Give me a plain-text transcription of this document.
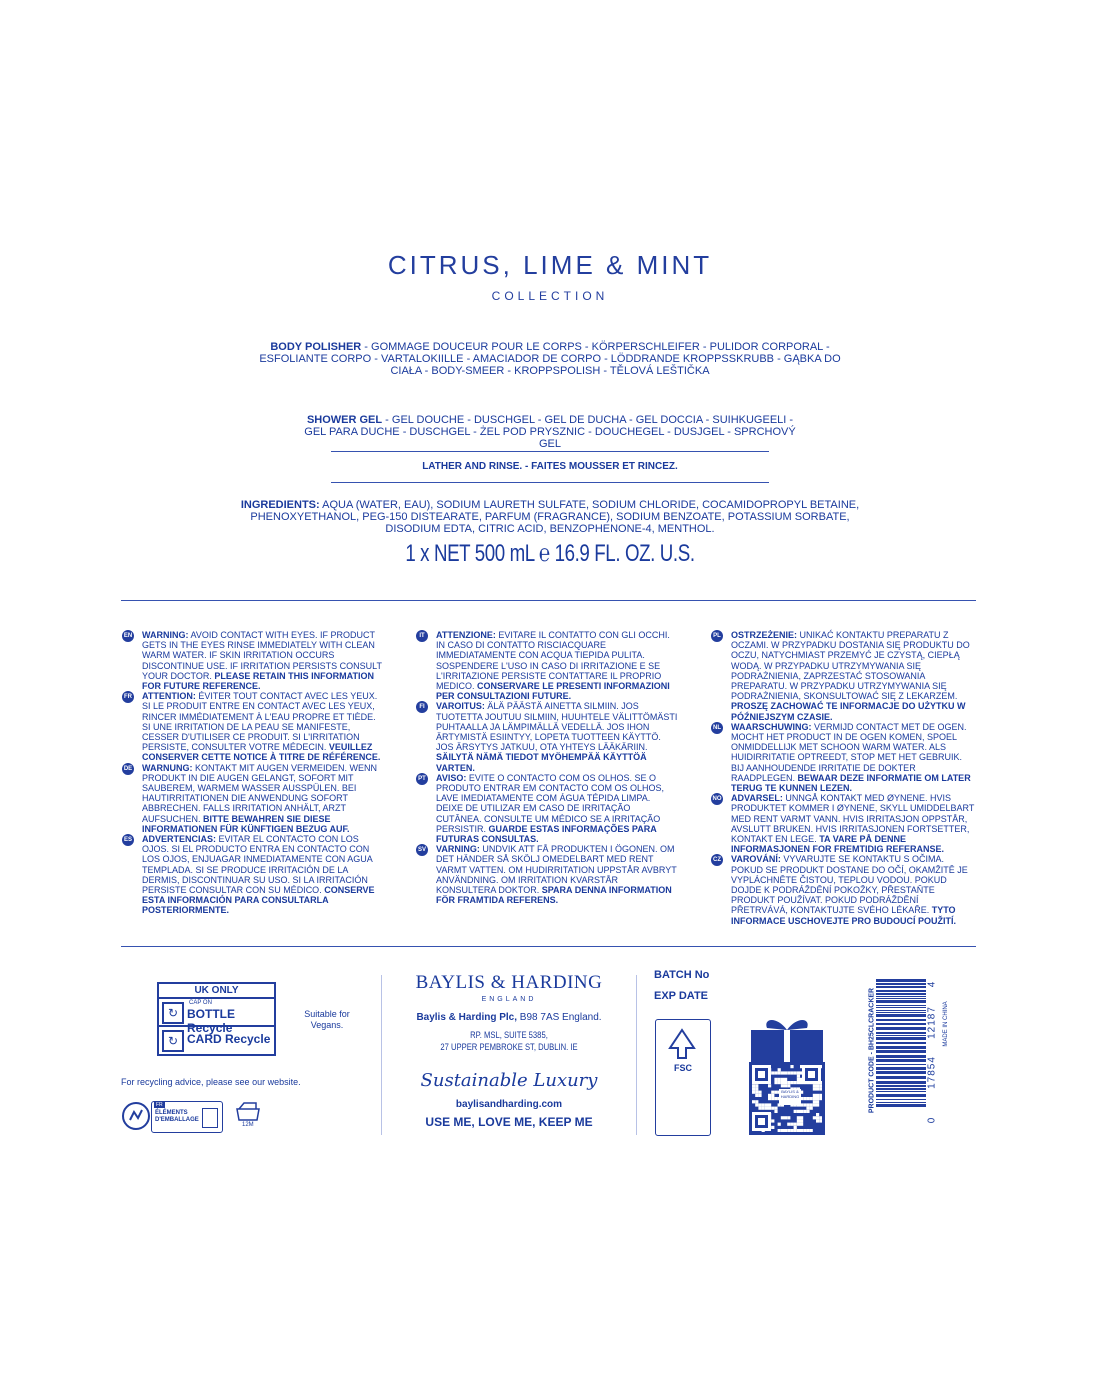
CITRUS, LIME & MINT
COLLECTION
BODY POLISHER - GOMMAGE DOUCEUR POUR LE CORPS - KÖRPERSCHLEIFER - PULIDOR CORPORAL - ESFOLIANTE CORPO - VARTALOKIILLE - AMACIADOR DE CORPO - LÖDDRANDE KROPPSSKRUBB - GĄBKA DO CIAŁA - BODY-SMEER - KROPPSPOLISH - TĚLOVÁ LEŠTIČKA
SHOWER GEL - GEL DOUCHE - DUSCHGEL - GEL DE DUCHA - GEL DOCCIA - SUIHKUGEELI - GEL PARA DUCHE - DUSCHGEL - ŻEL POD PRYSZNIC - DOUCHEGEL - DUSJGEL - SPRCHOVÝ GEL
LATHER AND RINSE. - FAITES MOUSSER ET RINCEZ.
INGREDIENTS: AQUA (WATER, EAU), SODIUM LAURETH SULFATE, SODIUM CHLORIDE, COCAMIDOPROPYL BETAINE, PHENOXYETHANOL, PEG-150 DISTEARATE, PARFUM (FRAGRANCE), SODIUM BENZOATE, POTASSIUM SORBATE, DISODIUM EDTA, CITRIC ACID, BENZOPHENONE-4, MENTHOL.
1 x NET 500 mL ℮ 16.9 FL. OZ. U.S.
EN WARNING: AVOID CONTACT WITH EYES. IF PRODUCT GETS IN THE EYES RINSE IMMEDIATELY WITH CLEAN WARM WATER. IF SKIN IRRITATION OCCURS DISCONTINUE USE. IF IRRITATION PERSISTS CONSULT YOUR DOCTOR. PLEASE RETAIN THIS INFORMATION FOR FUTURE REFERENCE.
FR ATTENTION: ÉVITER TOUT CONTACT AVEC LES YEUX. SI LE PRODUIT ENTRE EN CONTACT AVEC LES YEUX, RINCER IMMÉDIATEMENT À L'EAU PROPRE ET TIÈDE. SI UNE IRRITATION DE LA PEAU SE MANIFESTE, CESSER D'UTILISER CE PRODUIT. SI L'IRRITATION PERSISTE, CONSULTER VOTRE MÉDECIN. VEUILLEZ CONSERVER CETTE NOTICE À TITRE DE RÉFÉRENCE.
DE WARNUNG: KONTAKT MIT AUGEN VERMEIDEN. WENN PRODUKT IN DIE AUGEN GELANGT, SOFORT MIT SAUBEREM, WARMEM WASSER AUSSPÜLEN. BEI HAUTIRRITATIONEN DIE ANWENDUNG SOFORT ABBRECHEN. FALLS IRRITATION ANHÄLT, ARZT AUFSUCHEN. BITTE BEWAHREN SIE DIESE INFORMATIONEN FÜR KÜNFTIGEN BEZUG AUF.
ES ADVERTENCIAS: EVITAR EL CONTACTO CON LOS OJOS. SI EL PRODUCTO ENTRA EN CONTACTO CON LOS OJOS, ENJUAGAR INMEDIATAMENTE CON AGUA TEMPLADA. SI SE PRODUCE IRRITACIÓN DE LA DERMIS, DISCONTINUAR SU USO. SI LA IRRITACIÓN PERSISTE CONSULTAR CON SU MÉDICO. CONSERVE ESTA INFORMACIÓN PARA CONSULTARLA POSTERIORMENTE.
IT	ATTENZIONE: EVITARE IL CONTATTO CON GLI OCCHI. IN CASO DI CONTATTO RISCIACQUARE IMMEDIATAMENTE CON ACQUA TIEPIDA PULITA. SOSPENDERE L'USO IN CASO DI IRRITAZIONE E SE L'IRRITAZIONE PERSISTE CONTATTARE IL PROPRIO MEDICO. CONSERVARE LE PRESENTI INFORMAZIONI PER CONSULTAZIONI FUTURE.
FI	VAROITUS: ÄLÄ PÄÄSTÄ AINETTA SILMIIN. JOS TUOTETTA JOUTUU SILMIIN, HUUHTELE VÄLITTÖMÄSTI PUHTAALLA JA LÄMPIMÄLLÄ VEDELLÄ. JOS IHON ÄRTYMISTÄ ESIINTYY, LOPETA TUOTTEEN KÄYTTÖ. JOS ÄRSYTYS JATKUU, OTA YHTEYS LÄÄKÄRIIN. SÄILYTÄ NÄMÄ TIEDOT MYÖHEMPÄÄ KÄYTTÖÄ VARTEN.
PT AVISO: EVITE O CONTACTO COM OS OLHOS. SE O PRODUTO ENTRAR EM CONTACTO COM OS OLHOS, LAVE IMEDIATAMENTE COM ÁGUA TÉPIDA LIMPA. DEIXE DE UTILIZAR EM CASO DE IRRITAÇÃO CUTÂNEA. CONSULTE UM MÉDICO SE A IRRITAÇÃO PERSISTIR. GUARDE ESTAS INFORMAÇÕES PARA FUTURAS CONSULTAS.
SV VARNING: UNDVIK ATT FÅ PRODUKTEN I ÖGONEN. OM DET HÄNDER SÅ SKÖLJ OMEDELBART MED RENT VARMT VATTEN. OM HUDIRRITATION UPPSTÅR AVBRYT ANVÄNDNING. OM IRRITATION KVARSTÅR KONSULTERA DOKTOR. SPARA DENNA INFORMATION FÖR FRAMTIDA REFERENS.
PL OSTRZEŻENIE: UNIKAĆ KONTAKTU PREPARATU Z OCZAMI. W PRZYPADKU DOSTANIA SIĘ PRODUKTU DO OCZU, NATYCHMIAST PRZEMYĆ JE CZYSTĄ, CIEPŁĄ WODĄ. W PRZYPADKU UTRZYMYWANIA SIĘ PODRAŻNIENIA, ZAPRZESTAĆ STOSOWANIA PREPARATU. W PRZYPADKU UTRZYMYWANIA SIĘ PODRAŻNIENIA, SKONSULTOWAĆ SIĘ Z LEKARZEM. PROSZĘ ZACHOWAĆ TE INFORMACJE DO UŻYTKU W PÓŹNIEJSZYM CZASIE.
NL WAARSCHUWING: VERMIJD CONTACT MET DE OGEN. MOCHT HET PRODUCT IN DE OGEN KOMEN, SPOEL ONMIDDELLIJK MET SCHOON WARM WATER. ALS HUIDIRRITATIE OPTREEDT, STOP MET HET GEBRUIK. BIJ AANHOUDENDE IRRITATIE DE DOKTER RAADPLEGEN. BEWAAR DEZE INFORMATIE OM LATER TERUG TE KUNNEN LEZEN.
NO ADVARSEL: UNNGÅ KONTAKT MED ØYNENE. HVIS PRODUKTET KOMMER I ØYNENE, SKYLL UMIDDELBART MED RENT VARMT VANN. HVIS IRRITASJON OPPSTÅR, AVSLUTT BRUKEN. HVIS IRRITASJONEN FORTSETTER, KONTAKT EN LEGE. TA VARE PÅ DENNE INFORMASJONEN FOR FREMTIDIG REFERANSE.
CZ VAROVÁNÍ: VYVARUJTE SE KONTAKTU S OČIMA. POKUD SE PRODUKT DOSTANE DO OČÍ, OKAMŽITĚ JE VYPLÁCHNĚTE ČISTOU, TEPLOU VODOU. POKUD DOJDE K PODRÁŽDĚNÍ POKOŽKY, PŘESTAŇTE PRODUKT POUŽÍVAT. POKUD PODRÁŽDĚNÍ PŘETRVÁVÁ, KONTAKTUJTE SVÉHO LÉKAŘE. TYTO INFORMACE USCHOVEJTE PRO BUDOUCÍ POUŽITÍ.
UK ONLY
↻
CAP ON
BOTTLE Recycle
↻ CARD Recycle
Suitable for Vegans.
For recycling advice, please see our website.
FR
ÉLÉMENTS D'EMBALLAGE
12M
BAYLIS & HARDING
ENGLAND
Baylis & Harding Plc, B98 7AS England.
RP. MSL, SUITE 5385,
27 UPPER PEMBROKE ST, DUBLIN. IE
Sustainable Luxury
baylisandharding.com
USE ME, LOVE ME, KEEP ME
BATCH No
EXP DATE
FSC
BAYLIS & HARDING	PRODUCT CODE - BH25CLCRACKER
0
17854
12187
4
MADE IN CHINA
